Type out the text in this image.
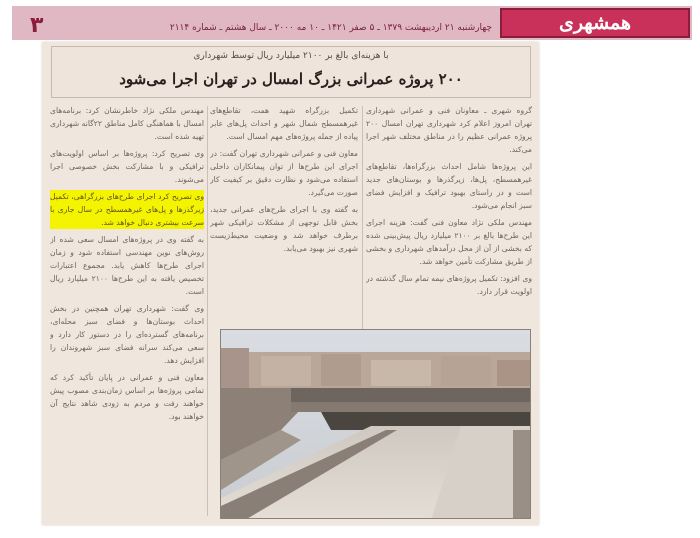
۳	چهارشنبه ۲۱ اردیبهشت ۱۳۷۹ ـ ۵ صفر ۱۴۲۱ ـ ۱۰ مه ۲۰۰۰ ـ سال هشتم ـ شماره ۲۱۱۴	همشهری
با هزینه‌ای بالغ بر ۲۱۰۰ میلیارد ریال توسط شهرداری
۲۰۰ پروژه عمرانی بزرگ امسال در تهران اجرا می‌شود
گروه شهری ـ معاونان فنی و عمرانی شهرداری تهران امروز اعلام کرد شهرداری تهران امسال ۲۰۰ پروژه عمرانی عظیم را در مناطق مختلف شهر اجرا می‌کند.
این پروژه‌ها شامل احداث بزرگراه‌ها، تقاطع‌های غیرهمسطح، پل‌ها، زیرگذرها و بوستان‌های جدید است و در راستای بهبود ترافیک و افزایش فضای سبز انجام می‌شود.
مهندس ملکی نژاد معاون فنی گفت: هزینه اجرای این طرح‌ها بالغ بر ۲۱۰۰ میلیارد ریال پیش‌بینی شده که بخشی از آن از محل درآمدهای شهرداری و بخشی از طریق مشارکت تأمین خواهد شد.
وی افزود: تکمیل پروژه‌های نیمه تمام سال گذشته در اولویت قرار دارد.
تکمیل بزرگراه شهید همت، تقاطع‌های غیرهمسطح شمال شهر و احداث پل‌های عابر پیاده از جمله پروژه‌های مهم امسال است.
معاون فنی و عمرانی شهرداری تهران گفت: در اجرای این طرح‌ها از توان پیمانکاران داخلی استفاده می‌شود و نظارت دقیق بر کیفیت کار صورت می‌گیرد.
به گفته وی با اجرای طرح‌های عمرانی جدید، بخش قابل توجهی از مشکلات ترافیکی شهر برطرف خواهد شد و وضعیت محیط‌زیست شهری نیز بهبود می‌یابد.
مهندس ملکی نژاد خاطرنشان کرد: برنامه‌های امسال با هماهنگی کامل مناطق ۲۲گانه شهرداری تهیه شده است.
وی تصریح کرد: پروژه‌ها بر اساس اولویت‌های ترافیکی و با مشارکت بخش خصوصی اجرا می‌شوند.
وی تصریح کرد اجرای طرح‌های بزرگراهی، تکمیل زیرگذرها و پل‌های غیرهمسطح در سال جاری با سرعت بیشتری دنبال خواهد شد.
به گفته وی در پروژه‌های امسال سعی شده از روش‌های نوین مهندسی استفاده شود و زمان اجرای طرح‌ها کاهش یابد. مجموع اعتبارات تخصیص یافته به این طرح‌ها ۲۱۰۰ میلیارد ریال است.
وی گفت: شهرداری تهران همچنین در بخش احداث بوستان‌ها و فضای سبز محله‌ای، برنامه‌های گسترده‌ای را در دستور کار دارد و سعی می‌کند سرانه فضای سبز شهروندان را افزایش دهد.
معاون فنی و عمرانی در پایان تأکید کرد که تمامی پروژه‌ها بر اساس زمان‌بندی مصوب پیش خواهند رفت و مردم به زودی شاهد نتایج آن خواهند بود.
